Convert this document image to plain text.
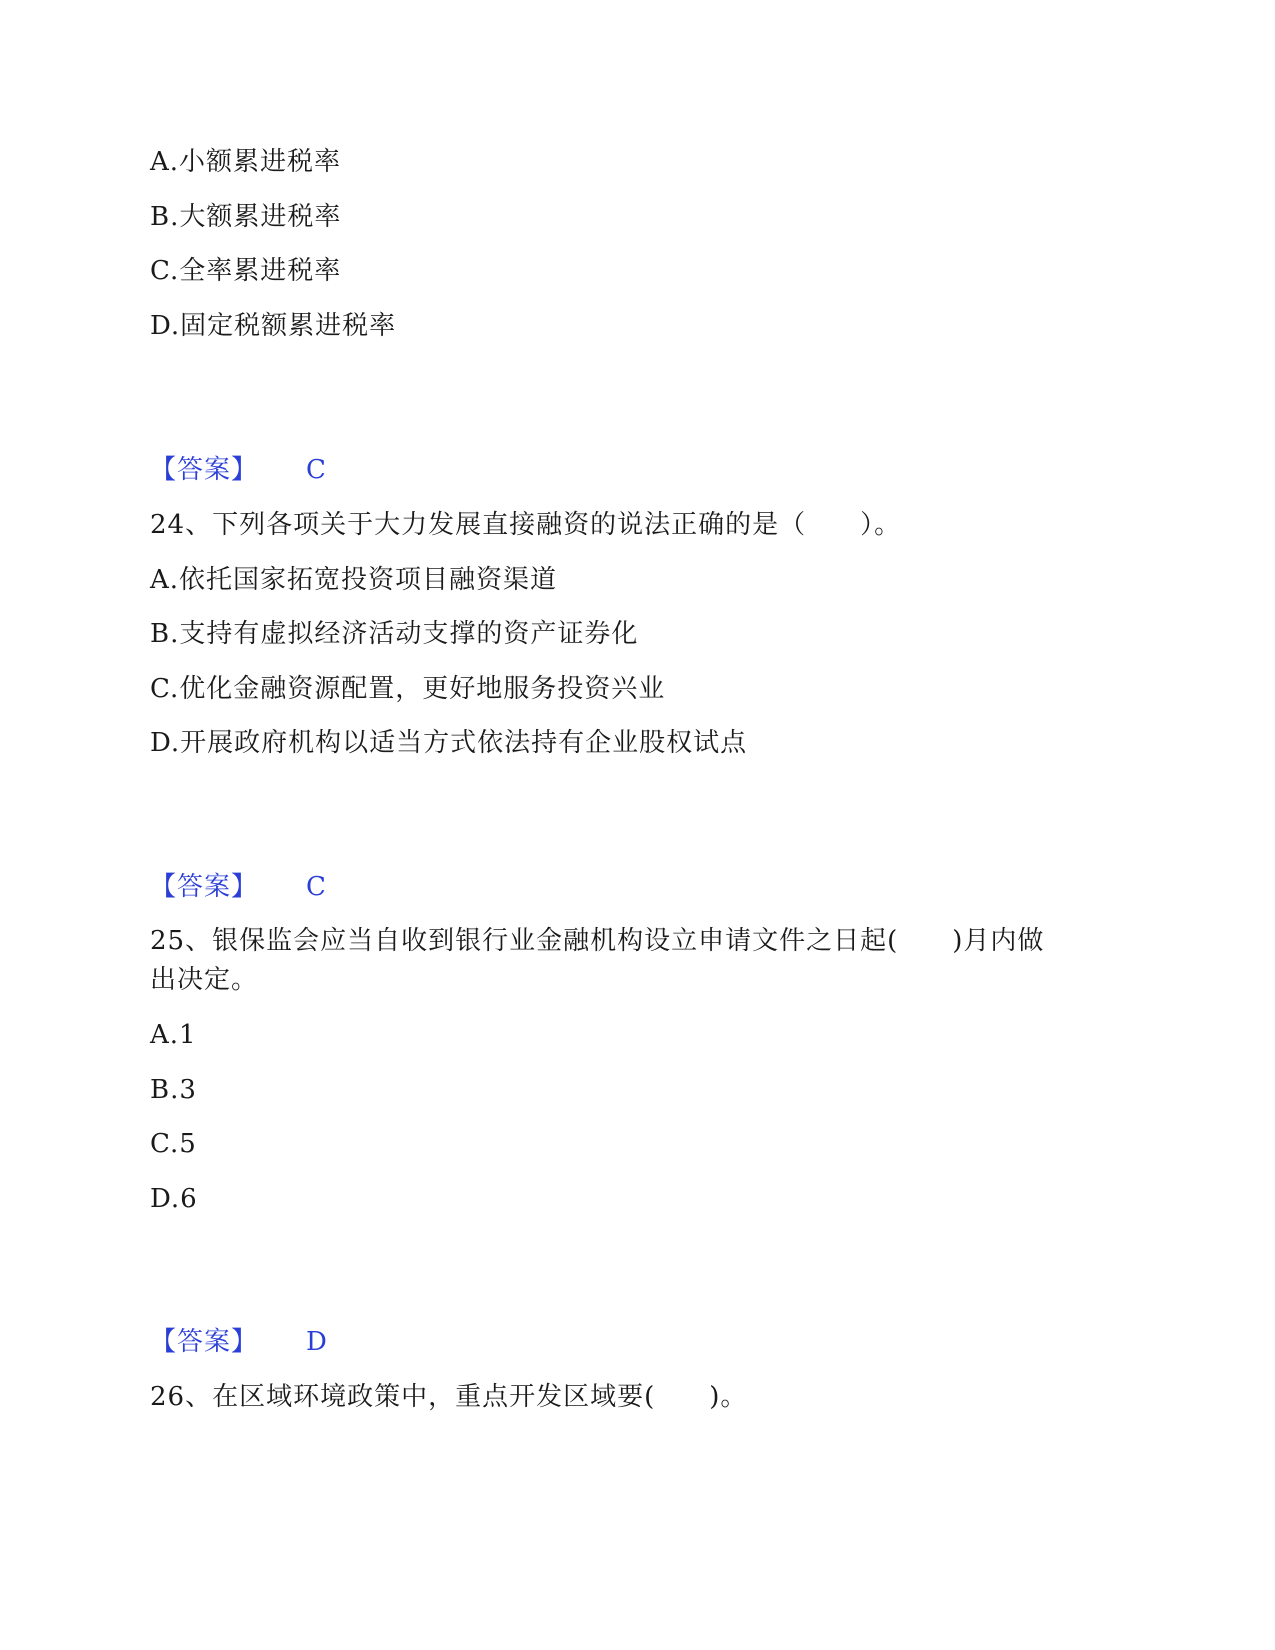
A.小额累进税率
B.大额累进税率
C.全率累进税率
D.固定税额累进税率
【答案】 C
24、下列各项关于大力发展直接融资的说法正确的是（　　）。
A.依托国家拓宽投资项目融资渠道
B.支持有虚拟经济活动支撑的资产证券化
C.优化金融资源配置，更好地服务投资兴业
D.开展政府机构以适当方式依法持有企业股权试点
【答案】 C
25、银保监会应当自收到银行业金融机构设立申请文件之日起(　　)月内做
出决定。
A.1
B.3
C.5
D.6
【答案】 D
26、在区域环境政策中，重点开发区域要(　　)。
